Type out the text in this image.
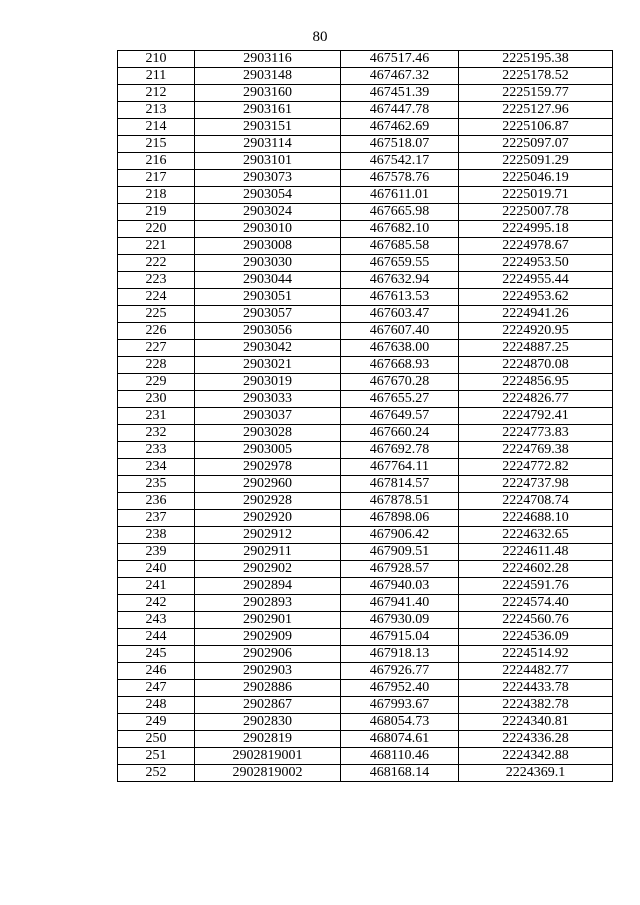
80
210	2903116	467517.46	2225195.38
211	2903148	467467.32	2225178.52
212	2903160	467451.39	2225159.77
213	2903161	467447.78	2225127.96
214	2903151	467462.69	2225106.87
215	2903114	467518.07	2225097.07
216	2903101	467542.17	2225091.29
217	2903073	467578.76	2225046.19
218	2903054	467611.01	2225019.71
219	2903024	467665.98	2225007.78
220	2903010	467682.10	2224995.18
221	2903008	467685.58	2224978.67
222	2903030	467659.55	2224953.50
223	2903044	467632.94	2224955.44
224	2903051	467613.53	2224953.62
225	2903057	467603.47	2224941.26
226	2903056	467607.40	2224920.95
227	2903042	467638.00	2224887.25
228	2903021	467668.93	2224870.08
229	2903019	467670.28	2224856.95
230	2903033	467655.27	2224826.77
231	2903037	467649.57	2224792.41
232	2903028	467660.24	2224773.83
233	2903005	467692.78	2224769.38
234	2902978	467764.11	2224772.82
235	2902960	467814.57	2224737.98
236	2902928	467878.51	2224708.74
237	2902920	467898.06	2224688.10
238	2902912	467906.42	2224632.65
239	2902911	467909.51	2224611.48
240	2902902	467928.57	2224602.28
241	2902894	467940.03	2224591.76
242	2902893	467941.40	2224574.40
243	2902901	467930.09	2224560.76
244	2902909	467915.04	2224536.09
245	2902906	467918.13	2224514.92
246	2902903	467926.77	2224482.77
247	2902886	467952.40	2224433.78
248	2902867	467993.67	2224382.78
249	2902830	468054.73	2224340.81
250	2902819	468074.61	2224336.28
251	2902819001	468110.46	2224342.88
252	2902819002	468168.14	2224369.1
